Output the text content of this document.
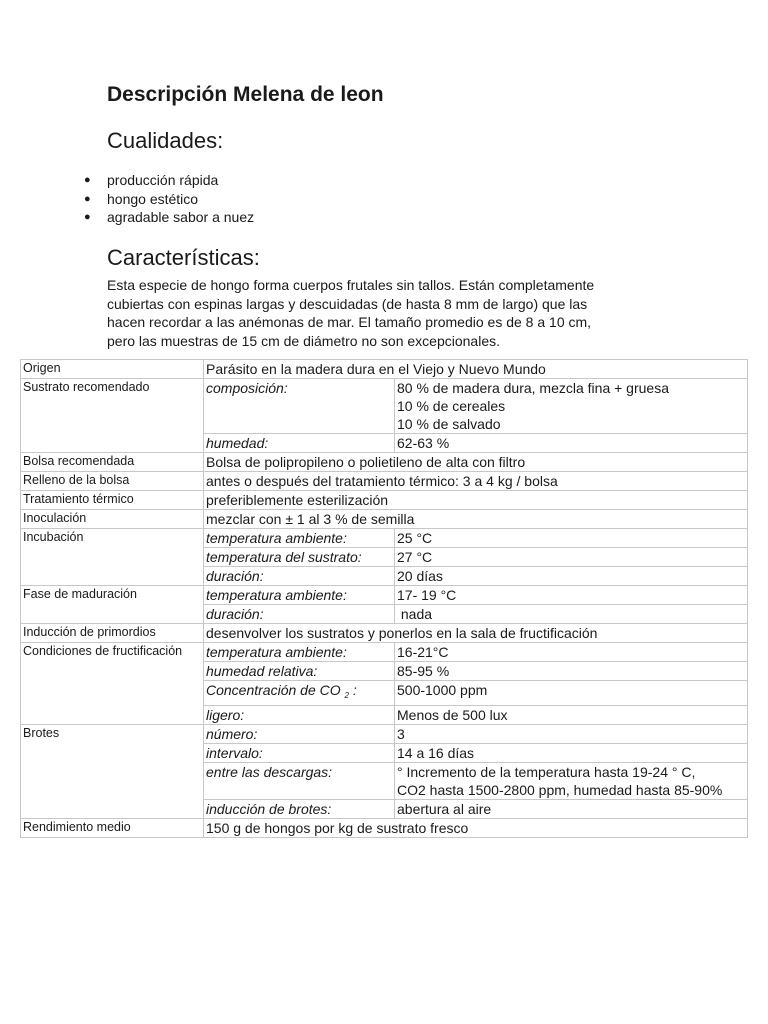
Descripción Melena de leon
Cualidades:
● producción rápida
● hongo estético
● agradable sabor a nuez
Características:

Esta especie de hongo forma cuerpos frutales sin tallos. Están completamente
cubiertas con espinas largas y descuidadas (de hasta 8 mm de largo) que las
hacen recordar a las anémonas de mar. El tamaño promedio es de 8 a 10 cm,
pero las muestras de 15 cm de diámetro no son excepcionales.

Origen	Parásito en la madera dura en el Viejo y Nuevo Mundo	
Sustrato recomendado	composición:	80 % de madera dura, mezcla fina + gruesa
10 % de cereales
10 % de salvado

	humedad:	62-63 %
Bolsa recomendada	Bolsa de polipropileno o polietileno de alta con filtro	
Relleno de la bolsa	antes o después del tratamiento térmico: 3 a 4 kg / bolsa	
Tratamiento térmico	preferiblemente esterilización	
Inoculación	mezclar con ± 1 al 3 % de semilla	
Incubación	temperatura ambiente:	25 °C
	temperatura del sustrato:	27 °C
	duración:	20 días
Fase de maduración	temperatura ambiente:	17- 19 °C
	duración:	nada
Inducción de primordios	desenvolver los sustratos y ponerlos en la sala de fructificación	
Condiciones de fructificación	temperatura ambiente:	16-21°C
	humedad relativa:	85-95 %
	Concentración de CO $_2$ :	500-1000 ppm
	ligero:	Menos de 500 lux
Brotes	número:	3
	intervalo:	14 a 16 días
	entre las descargas:	° Incremento de la temperatura hasta 19-24 ° C,
CO2 hasta 1500-2800 ppm, humedad hasta 85-90%

	inducción de brotes:	abertura al aire
Rendimiento medio	150 g de hongos por kg de sustrato fresco	
